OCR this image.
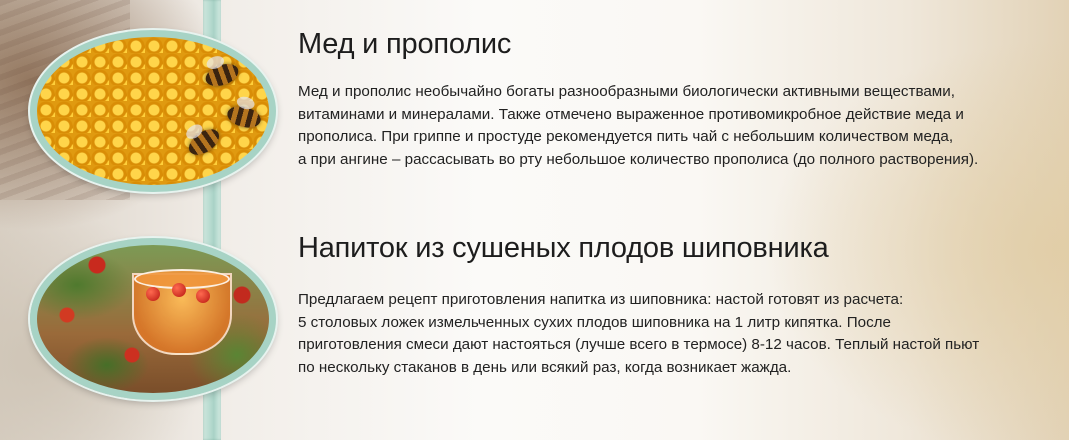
Мед и прополис

Мед и прополис необычайно богаты разнообразными биологически активными веществами,
витаминами и минералами. Также отмечено выраженное противомикробное действие меда и
прополиса. При гриппе и простуде рекомендуется пить чай с небольшим количеством меда,
а при ангине – рассасывать во рту небольшое количество прополиса (до полного растворения).

Напиток из сушеных плодов шиповника

Предлагаем рецепт приготовления напитка из шиповника: настой готовят из расчета:
5 столовых ложек измельченных сухих плодов шиповника на 1 литр кипятка. После
приготовления смеси дают настояться (лучше всего в термосе) 8-12 часов. Теплый настой пьют
по нескольку стаканов в день или всякий раз, когда возникает жажда.
